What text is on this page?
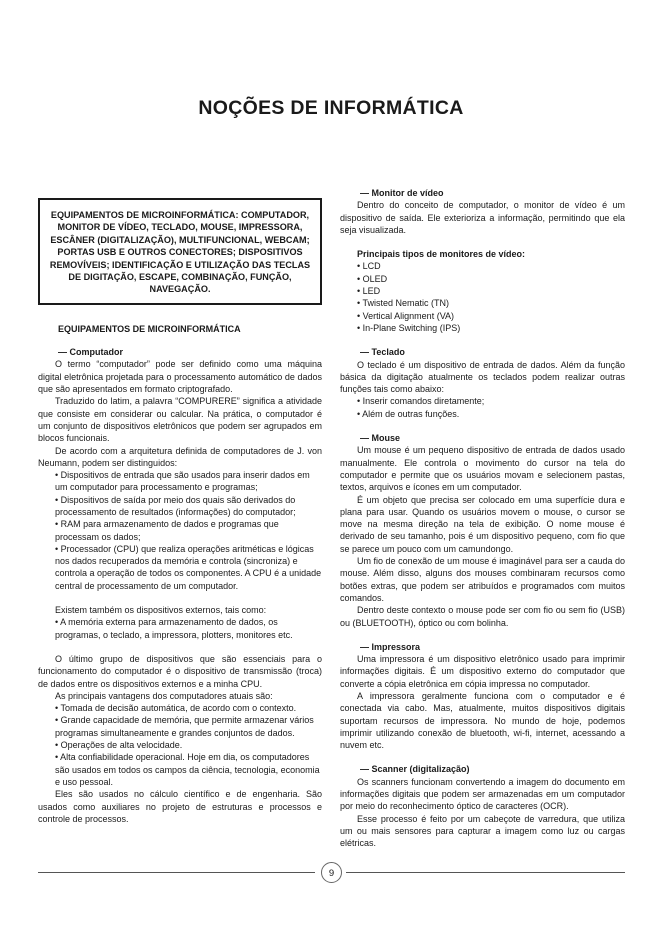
NOÇÕES DE INFORMÁTICA
EQUIPAMENTOS DE MICROINFORMÁTICA: COMPUTADOR, MONITOR DE VÍDEO, TECLADO, MOUSE, IMPRESSORA, ESCÂNER (DIGITALIZAÇÃO), MULTIFUNCIONAL, WEBCAM; PORTAS USB E OUTROS CONECTORES; DISPOSITIVOS REMOVÍVEIS; IDENTIFICAÇÃO E UTILIZAÇÃO DAS TECLAS DE DIGITAÇÃO, ESCAPE, COMBINAÇÃO, FUNÇÃO, NAVEGAÇÃO.
EQUIPAMENTOS DE MICROINFORMÁTICA
— Computador

O termo “computador” pode ser definido como uma máquina digital eletrônica projetada para o processamento automático de dados que são apresentados em formato criptografado.

Traduzido do latim, a palavra “COMPURERE” significa a atividade que consiste em considerar ou calcular. Na prática, o computador é um conjunto de dispositivos eletrônicos que podem ser agrupados em blocos funcionais.

De acordo com a arquitetura definida de computadores de J. von Neumann, podem ser distinguidos:

• Dispositivos de entrada que são usados para inserir dados em um computador para processamento e programas;

• Dispositivos de saída por meio dos quais são derivados do processamento de resultados (informações) do computador;

• RAM para armazenamento de dados e programas que processam os dados;

• Processador (CPU) que realiza operações aritméticas e lógicas nos dados recuperados da memória e controla (sincroniza) e controla a operação de todos os componentes. A CPU é a unidade central de processamento de um computador.

Existem também os dispositivos externos, tais como:

• A memória externa para armazenamento de dados, os programas, o teclado, a impressora, plotters, monitores etc.

O último grupo de dispositivos que são essenciais para o funcionamento do computador é o dispositivo de transmissão (troca) de dados entre os dispositivos externos e a minha CPU.

As principais vantagens dos computadores atuais são:

• Tomada de decisão automática, de acordo com o contexto.

• Grande capacidade de memória, que permite armazenar vários programas simultaneamente e grandes conjuntos de dados.

• Operações de alta velocidade.

• Alta confiabilidade operacional. Hoje em dia, os computadores são usados em todos os campos da ciência, tecnologia, economia e uso pessoal.

Eles são usados no cálculo científico e de engenharia. São usados como auxiliares no projeto de estruturas e processos e controle de processos.

— Monitor de vídeo

Dentro do conceito de computador, o monitor de vídeo é um dispositivo de saída. Ele exterioriza a informação, permitindo que ela seja visualizada.

Principais tipos de monitores de vídeo:

• LCD

• OLED

• LED

• Twisted Nematic (TN)

• Vertical Alignment (VA)

• In-Plane Switching (IPS)

— Teclado

O teclado é um dispositivo de entrada de dados. Além da função básica da digitação atualmente os teclados podem realizar outras funções tais como abaixo:

• Inserir comandos diretamente;

• Além de outras funções.

— Mouse

Um mouse é um pequeno dispositivo de entrada de dados usado manualmente. Ele controla o movimento do cursor na tela do computador e permite que os usuários movam e selecionem pastas, textos, arquivos e ícones em um computador.

É um objeto que precisa ser colocado em uma superfície dura e plana para usar. Quando os usuários movem o mouse, o cursor se move na mesma direção na tela de exibição. O nome mouse é derivado de seu tamanho, pois é um dispositivo pequeno, com fio que se parece um pouco com um camundongo.

Um fio de conexão de um mouse é imaginável para ser a cauda do mouse. Além disso, alguns dos mouses combinaram recursos como botões extras, que podem ser atribuídos e programados com muitos comandos.

Dentro deste contexto o mouse pode ser com fio ou sem fio (USB) ou (BLUETOOTH), óptico ou com bolinha.

— Impressora

Uma impressora é um dispositivo eletrônico usado para imprimir informações digitais. É um dispositivo externo do computador que converte a cópia eletrônica em cópia impressa no computador.

A impressora geralmente funciona com o computador e é conectada via cabo. Mas, atualmente, muitos dispositivos digitais suportam recursos de impressora. No mundo de hoje, podemos imprimir utilizando conexão de bluetooth, wi-fi, internet, acessando a nuvem etc.

— Scanner (digitalização)

Os scanners funcionam convertendo a imagem do documento em informações digitais que podem ser armazenadas em um computador por meio do reconhecimento óptico de caracteres (OCR).

Esse processo é feito por um cabeçote de varredura, que utiliza um ou mais sensores para capturar a imagem como luz ou cargas elétricas.

9
